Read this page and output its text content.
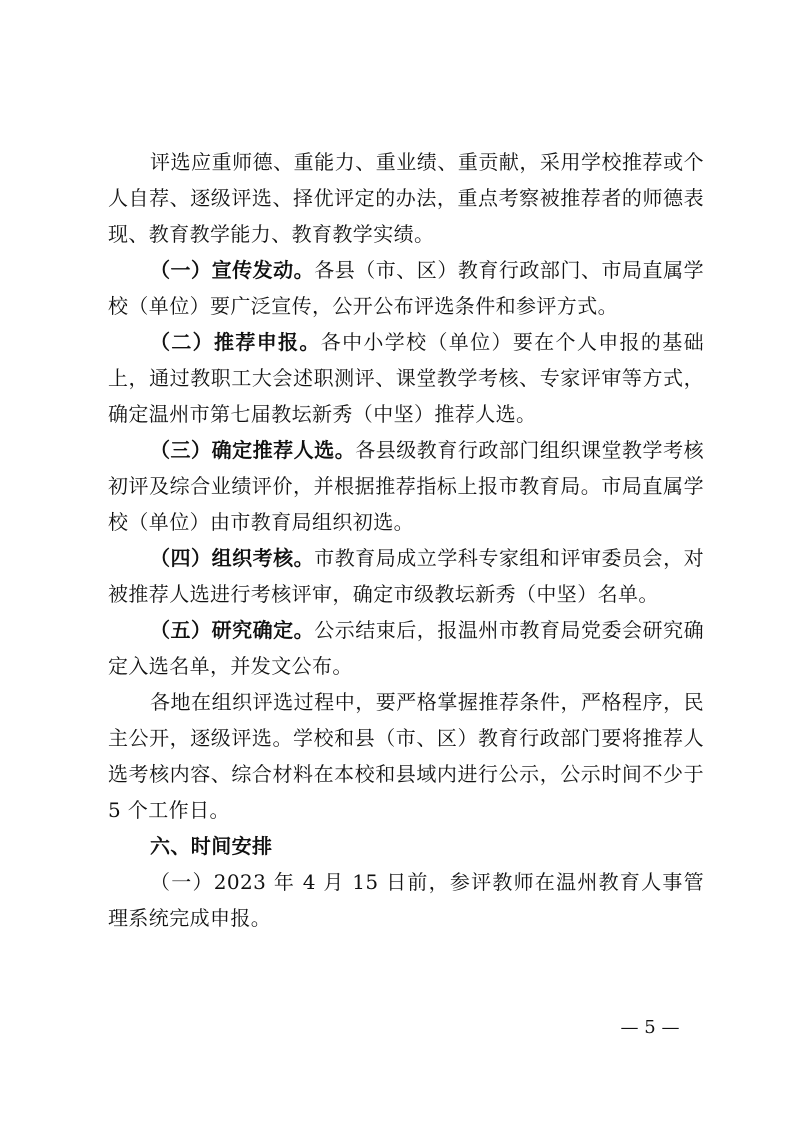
评选应重师德、重能力、重业绩、重贡献，采用学校推荐或个人自荐、逐级评选、择优评定的办法，重点考察被推荐者的师德表现、教育教学能力、教育教学实绩。

（一）宣传发动。各县（市、区）教育行政部门、市局直属学校（单位）要广泛宣传，公开公布评选条件和参评方式。

（二）推荐申报。各中小学校（单位）要在个人申报的基础上，通过教职工大会述职测评、课堂教学考核、专家评审等方式，确定温州市第七届教坛新秀（中坚）推荐人选。

（三）确定推荐人选。各县级教育行政部门组织课堂教学考核初评及综合业绩评价，并根据推荐指标上报市教育局。市局直属学校（单位）由市教育局组织初选。

（四）组织考核。市教育局成立学科专家组和评审委员会，对被推荐人选进行考核评审，确定市级教坛新秀（中坚）名单。

（五）研究确定。公示结束后，报温州市教育局党委会研究确定入选名单，并发文公布。

各地在组织评选过程中，要严格掌握推荐条件，严格程序，民主公开，逐级评选。学校和县（市、区）教育行政部门要将推荐人选考核内容、综合材料在本校和县域内进行公示，公示时间不少于 5 个工作日。

六、时间安排

（一）2023 年 4 月 15 日前，参评教师在温州教育人事管理系统完成申报。

— 5 —
